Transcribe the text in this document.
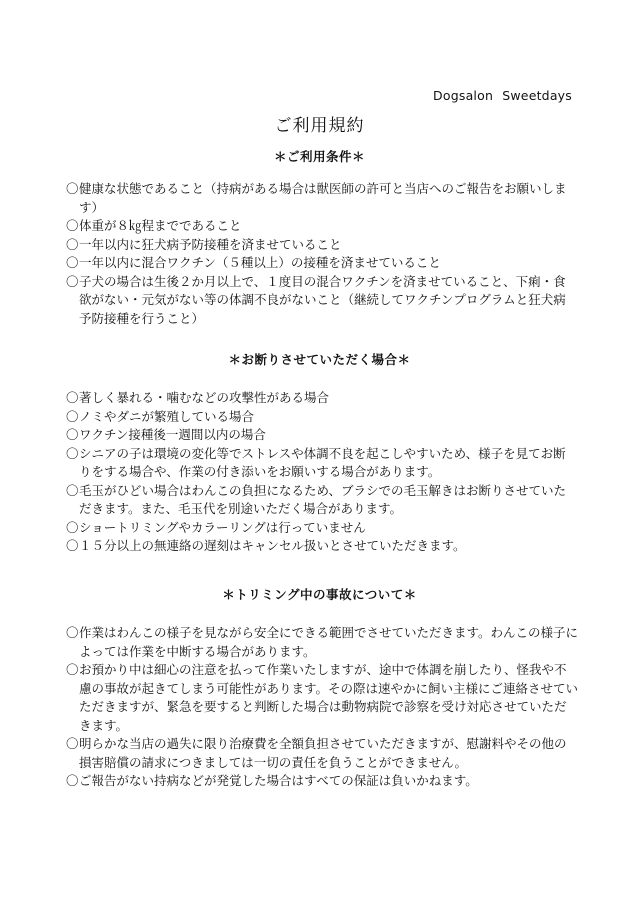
Dogsalon Sweetdays
ご利用規約
＊ご利用条件＊
〇 健康な状態であること（持病がある場合は獣医師の許可と当店へのご報告をお願いします）
〇 体重が８㎏程までであること
〇 一年以内に狂犬病予防接種を済ませていること
〇 一年以内に混合ワクチン（５種以上）の接種を済ませていること
〇 子犬の場合は生後２か月以上で、１度目の混合ワクチンを済ませていること、下痢・食欲がない・元気がない等の体調不良がないこと（継続してワクチンプログラムと狂犬病予防接種を行うこと）
＊お断りさせていただく場合＊
〇 著しく暴れる・噛むなどの攻撃性がある場合
〇 ノミやダニが繁殖している場合
〇 ワクチン接種後一週間以内の場合
〇 シニアの子は環境の変化等でストレスや体調不良を起こしやすいため、様子を見てお断りをする場合や、作業の付き添いをお願いする場合があります。
〇 毛玉がひどい場合はわんこの負担になるため、ブラシでの毛玉解きはお断りさせていただきます。また、毛玉代を別途いただく場合があります。
〇 ショートリミングやカラーリングは行っていません
〇 １５分以上の無連絡の遅刻はキャンセル扱いとさせていただきます。
＊トリミング中の事故について＊
〇 作業はわんこの様子を見ながら安全にできる範囲でさせていただきます。わんこの様子によっては作業を中断する場合があります。
〇 お預かり中は細心の注意を払って作業いたしますが、途中で体調を崩したり、怪我や不慮の事故が起きてしまう可能性があります。その際は速やかに飼い主様にご連絡させていただきますが、緊急を要すると判断した場合は動物病院で診察を受け対応させていただきます。
〇 明らかな当店の過失に限り治療費を全額負担させていただきますが、慰謝料やその他の損害賠償の請求につきましては一切の責任を負うことができません。
〇 ご報告がない持病などが発覚した場合はすべての保証は負いかねます。
